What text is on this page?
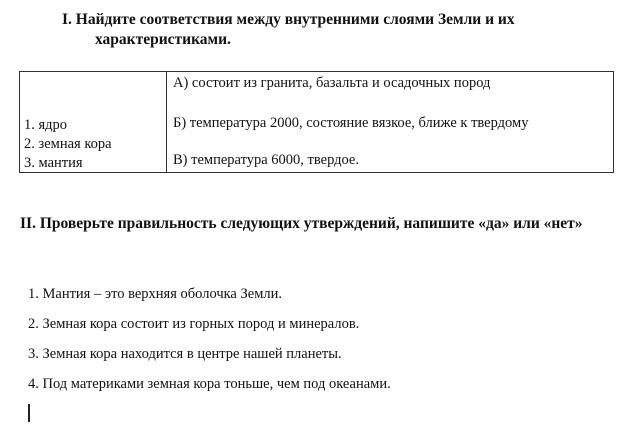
I. Найдите соответствия между внутренними слоями Земли и их
характеристиками.
1. ядро
2. земная кора
3. мантия

А) состоит из гранита, базальта и осадочных пород
Б) температура 2000, состояние вязкое, ближе к твердому
В) температура 6000, твердое.
II. Проверьте правильность следующих утверждений, напишите «да» или «нет»
1. Мантия – это верхняя оболочка Земли.
2. Земная кора состоит из горных пород и минералов.
3. Земная кора находится в центре нашей планеты.
4. Под материками земная кора тоньше, чем под океанами.
